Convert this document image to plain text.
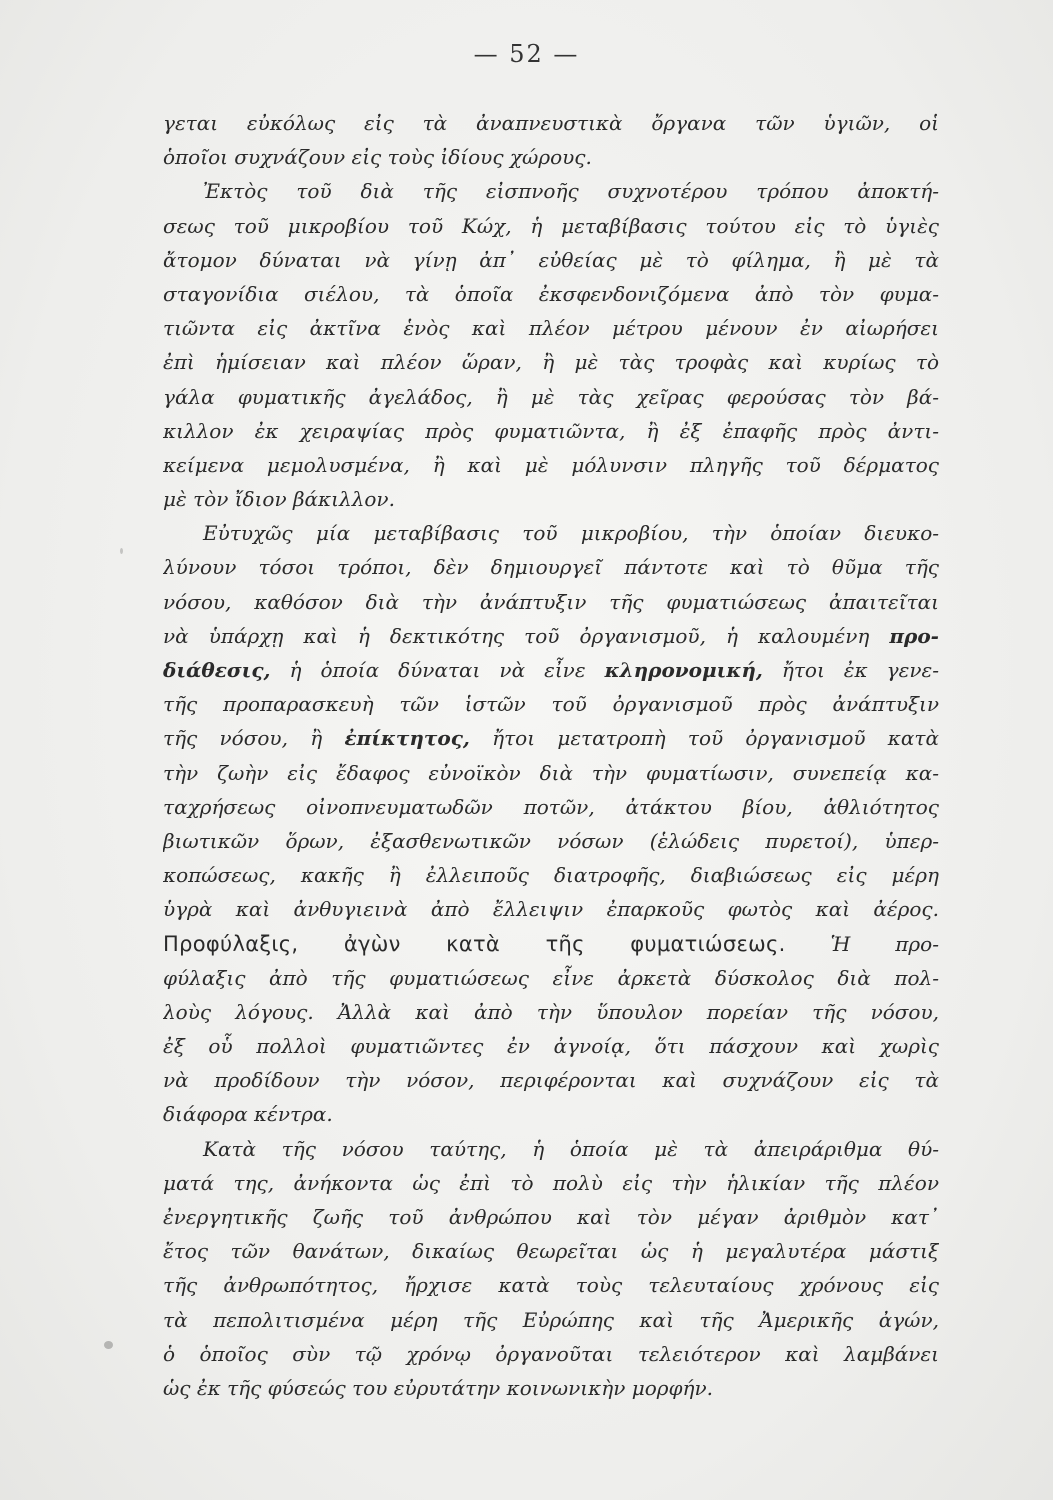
— 52 —
γεται εὐκόλως εἰς τὰ ἀναπνευστικὰ ὄργανα τῶν ὑγιῶν, οἱ
ὁποῖοι συχνάζουν εἰς τοὺς ἰδίους χώρους.
Ἐκτὸς τοῦ διὰ τῆς εἰσπνοῆς συχνοτέρου τρόπου ἀποκτή-
σεως τοῦ μικροβίου τοῦ Κώχ, ἡ μεταβίβασις τούτου εἰς τὸ ὑγιὲς
ἄτομον δύναται νὰ γίνῃ ἀπ᾽ εὐθείας μὲ τὸ φίλημα, ἢ μὲ τὰ
σταγονίδια σιέλου, τὰ ὁποῖα ἐκσφενδονιζόμενα ἀπὸ τὸν φυμα-
τιῶντα εἰς ἀκτῖνα ἑνὸς καὶ πλέον μέτρου μένουν ἐν αἰωρήσει
ἐπὶ ἡμίσειαν καὶ πλέον ὥραν, ἢ μὲ τὰς τροφὰς καὶ κυρίως τὸ
γάλα φυματικῆς ἀγελάδος, ἢ μὲ τὰς χεῖρας φερούσας τὸν βά-
κιλλον ἐκ χειραψίας πρὸς φυματιῶντα, ἢ ἐξ ἐπαφῆς πρὸς ἀντι-
κείμενα μεμολυσμένα, ἢ καὶ μὲ μόλυνσιν πληγῆς τοῦ δέρματος
μὲ τὸν ἴδιον βάκιλλον.
Εὐτυχῶς μία μεταβίβασις τοῦ μικροβίου, τὴν ὁποίαν διευκο-
λύνουν τόσοι τρόποι, δὲν δημιουργεῖ πάντοτε καὶ τὸ θῦμα τῆς
νόσου, καθόσον διὰ τὴν ἀνάπτυξιν τῆς φυματιώσεως ἀπαιτεῖται
νὰ ὑπάρχῃ καὶ ἡ δεκτικότης τοῦ ὀργανισμοῦ, ἡ καλουμένη προ-
διάθεσις, ἡ ὁποία δύναται νὰ εἶνε κληρονομική, ἤτοι ἐκ γενε-
τῆς προπαρασκευὴ τῶν ἱστῶν τοῦ ὀργανισμοῦ πρὸς ἀνάπτυξιν
τῆς νόσου, ἢ ἐπίκτητος, ἤτοι μετατροπὴ τοῦ ὀργανισμοῦ κατὰ
τὴν ζωὴν εἰς ἔδαφος εὐνοϊκὸν διὰ τὴν φυματίωσιν, συνεπείᾳ κα-
ταχρήσεως οἰνοπνευματωδῶν ποτῶν, ἀτάκτου βίου, ἀθλιότητος
βιωτικῶν ὅρων, ἐξασθενωτικῶν νόσων (ἑλώδεις πυρετοί), ὑπερ-
κοπώσεως, κακῆς ἢ ἐλλειποῦς διατροφῆς, διαβιώσεως εἰς μέρη
ὑγρὰ καὶ ἀνθυγιεινὰ ἀπὸ ἔλλειψιν ἐπαρκοῦς φωτὸς καὶ ἀέρος.
Προφύλαξις, ἀγὼν κατὰ τῆς φυματιώσεως. Ἡ προ-
φύλαξις ἀπὸ τῆς φυματιώσεως εἶνε ἀρκετὰ δύσκολος διὰ πολ-
λοὺς λόγους. Ἀλλὰ καὶ ἀπὸ τὴν ὕπουλον πορείαν τῆς νόσου,
ἐξ οὗ πολλοὶ φυματιῶντες ἐν ἀγνοίᾳ, ὅτι πάσχουν καὶ χωρὶς
νὰ προδίδουν τὴν νόσον, περιφέρονται καὶ συχνάζουν εἰς τὰ
διάφορα κέντρα.
Κατὰ τῆς νόσου ταύτης, ἡ ὁποία μὲ τὰ ἀπειράριθμα θύ-
ματά της, ἀνήκοντα ὡς ἐπὶ τὸ πολὺ εἰς τὴν ἡλικίαν τῆς πλέον
ἐνεργητικῆς ζωῆς τοῦ ἀνθρώπου καὶ τὸν μέγαν ἀριθμὸν κατ᾽
ἔτος τῶν θανάτων, δικαίως θεωρεῖται ὡς ἡ μεγαλυτέρα μάστιξ
τῆς ἀνθρωπότητος, ἤρχισε κατὰ τοὺς τελευταίους χρόνους εἰς
τὰ πεπολιτισμένα μέρη τῆς Εὐρώπης καὶ τῆς Ἀμερικῆς ἀγών,
ὁ ὁποῖος σὺν τῷ χρόνῳ ὀργανοῦται τελειότερον καὶ λαμβάνει
ὡς ἐκ τῆς φύσεώς του εὐρυτάτην κοινωνικὴν μορφήν.
